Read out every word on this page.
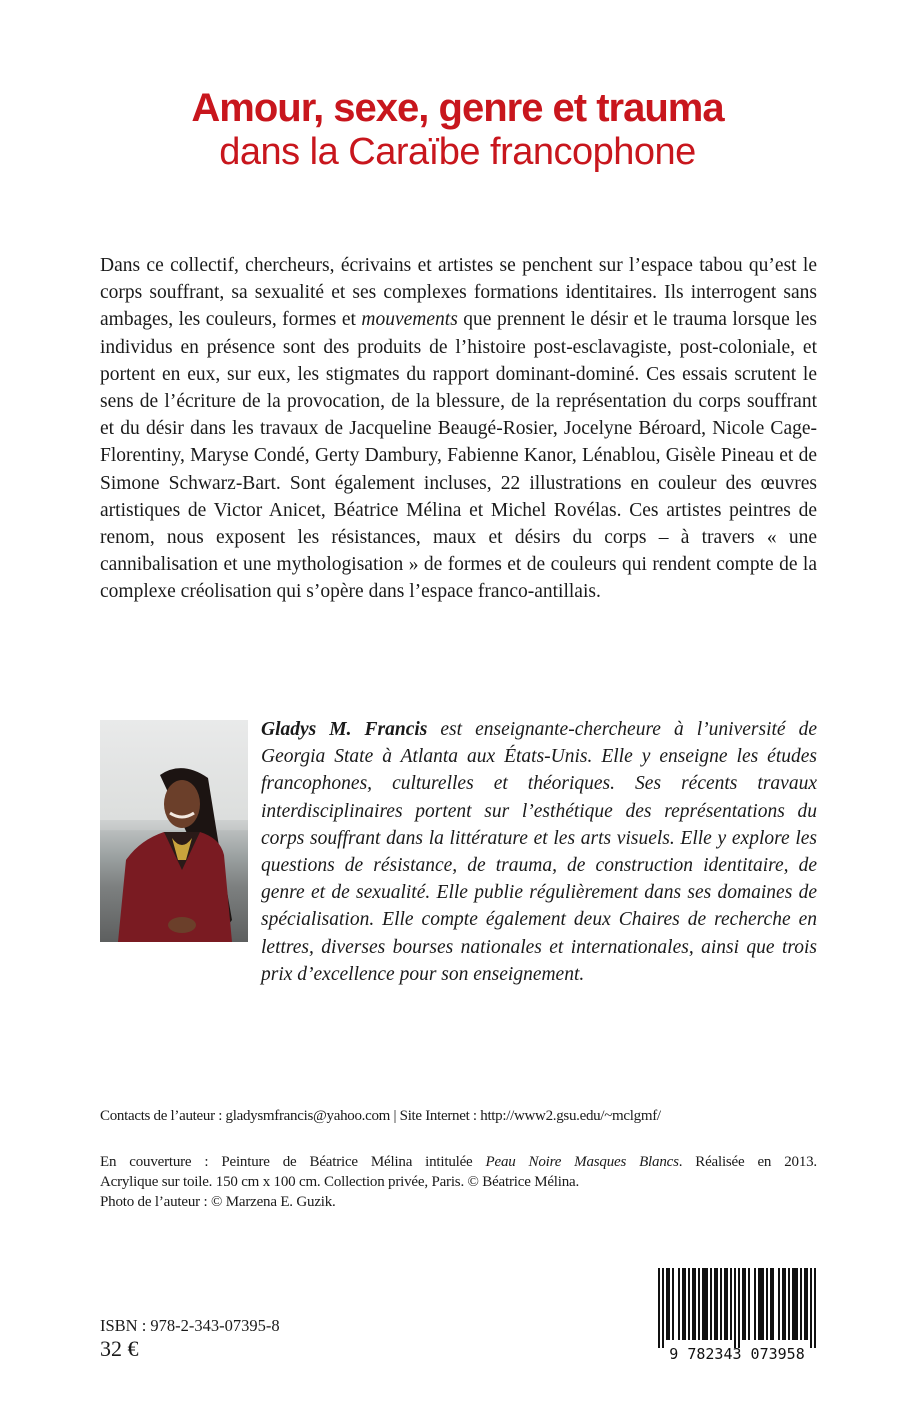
Amour, sexe, genre et trauma
dans la Caraïbe francophone

Dans ce collectif, chercheurs, écrivains et artistes se penchent sur l’espace tabou qu’est le corps souffrant, sa sexualité et ses complexes formations identitaires. Ils interrogent sans ambages, les couleurs, formes et mouvements que prennent le désir et le trauma lorsque les individus en présence sont des produits de l’histoire post-esclavagiste, post-coloniale, et portent en eux, sur eux, les stigmates du rapport dominant-dominé. Ces essais scrutent le sens de l’écriture de la provocation, de la blessure, de la représentation du corps souffrant et du désir dans les travaux de Jacqueline Beaugé-Rosier, Jocelyne Béroard, Nicole Cage-Florentiny, Maryse Condé, Gerty Dambury, Fabienne Kanor, Lénablou, Gisèle Pineau et de Simone Schwarz-Bart. Sont également incluses, 22 illustrations en couleur des œuvres artistiques de Victor Anicet, Béatrice Mélina et Michel Rovélas. Ces artistes peintres de renom, nous exposent les résistances, maux et désirs du corps – à travers « une cannibalisation et une mythologisation » de formes et de couleurs qui rendent compte de la complexe créolisation qui s’opère dans l’espace franco-antillais.

Gladys M. Francis est enseignante-chercheure à l’université de Georgia State à Atlanta aux États-Unis. Elle y enseigne les études francophones, culturelles et théoriques. Ses récents travaux interdisciplinaires portent sur l’esthétique des représentations du corps souffrant dans la littérature et les arts visuels. Elle y explore les questions de résistance, de trauma, de construction identitaire, de genre et de sexualité. Elle publie régulièrement dans ses domaines de spécialisation. Elle compte également deux Chaires de recherche en lettres, diverses bourses nationales et internationales, ainsi que trois prix d’excellence pour son enseignement.

Contacts de l’auteur : gladysmfrancis@yahoo.com | Site Internet : http://www2.gsu.edu/~mclgmf/

En couverture : Peinture de Béatrice Mélina intitulée Peau Noire Masques Blancs. Réalisée en 2013.
Acrylique sur toile. 150 cm x 100 cm. Collection privée, Paris. © Béatrice Mélina.
Photo de l’auteur : © Marzena E. Guzik.

ISBN : 978-2-343-07395-8
32 €	9 782343 073958
